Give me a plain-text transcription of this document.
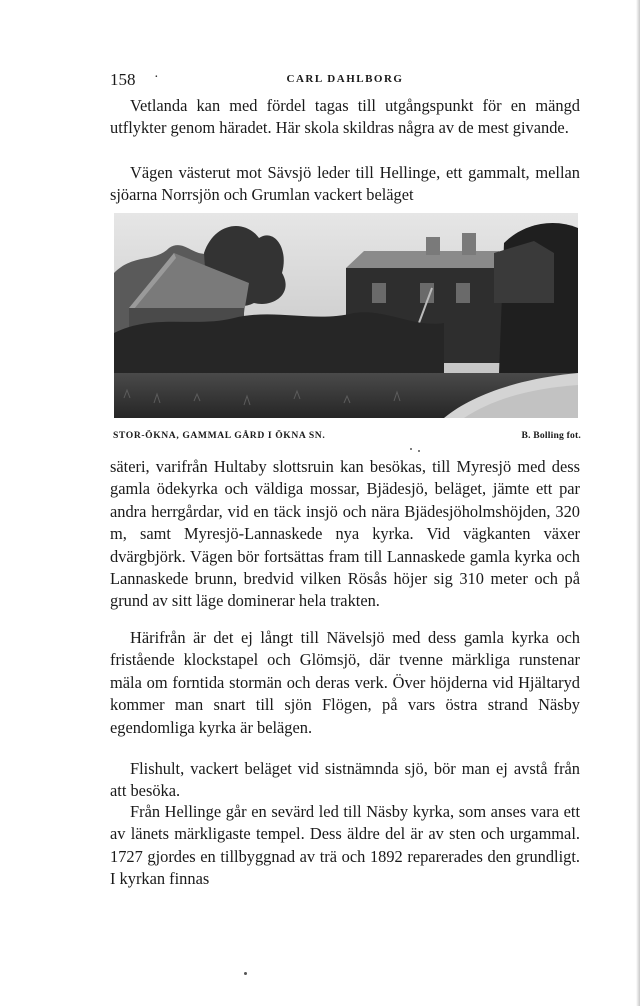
158 ·	CARL DAHLBORG

Vetlanda kan med fördel tagas till utgångspunkt för en mängd utflykter genom häradet. Här skola skildras några av de mest givande.

Vägen västerut mot Sävsjö leder till Hellinge, ett gammalt, mellan sjöarna Norrsjön och Grumlan vackert beläget

STOR-ÖKNA, GAMMAL GÅRD I ÖKNA SN.	B. Bolling fot.

säteri, varifrån Hultaby slottsruin kan besökas, till Myresjö med dess gamla ödekyrka och väldiga mossar, Bjädesjö, beläget, jämte ett par andra herrgårdar, vid en täck insjö och nära Bjädesjöholmshöjden, 320 m, samt Myresjö-Lannaskede nya kyrka. Vid vägkanten växer dvärgbjörk. Vägen bör fortsättas fram till Lannaskede gamla kyrka och Lannaskede brunn, bredvid vilken Rösås höjer sig 310 meter och på grund av sitt läge dominerar hela trakten.

Härifrån är det ej långt till Nävelsjö med dess gamla kyrka och fristående klockstapel och Glömsjö, där tvenne märkliga runstenar mäla om forntida stormän och deras verk. Över höjderna vid Hjältaryd kommer man snart till sjön Flögen, på vars östra strand Näsby egendomliga kyrka är belägen.

Flishult, vackert beläget vid sistnämnda sjö, bör man ej avstå från att besöka.

Från Hellinge går en sevärd led till Näsby kyrka, som anses vara ett av länets märkligaste tempel. Dess äldre del är av sten och urgammal. 1727 gjordes en tillbyggnad av trä och 1892 reparerades den grundligt. I kyrkan finnas
